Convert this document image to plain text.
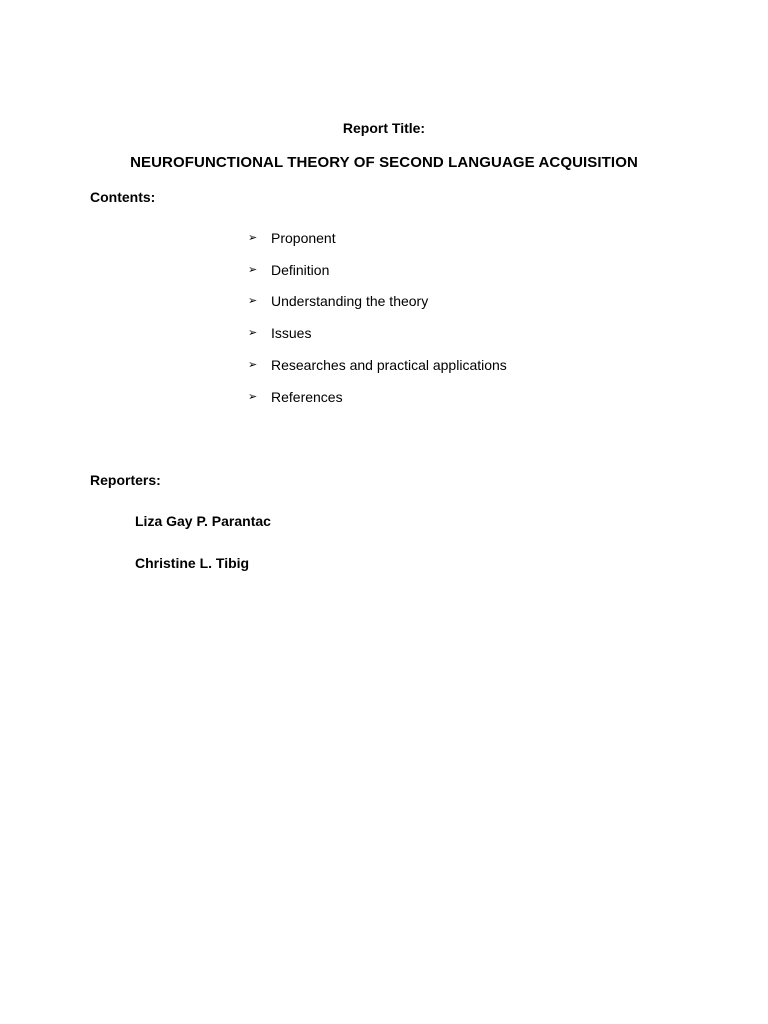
Report Title:
NEUROFUNCTIONAL THEORY OF SECOND LANGUAGE ACQUISITION
Contents:
➢ Proponent
➢ Definition
➢ Understanding the theory
➢ Issues
➢ Researches and practical applications
➢ References
Reporters:
Liza Gay P. Parantac
Christine L. Tibig
